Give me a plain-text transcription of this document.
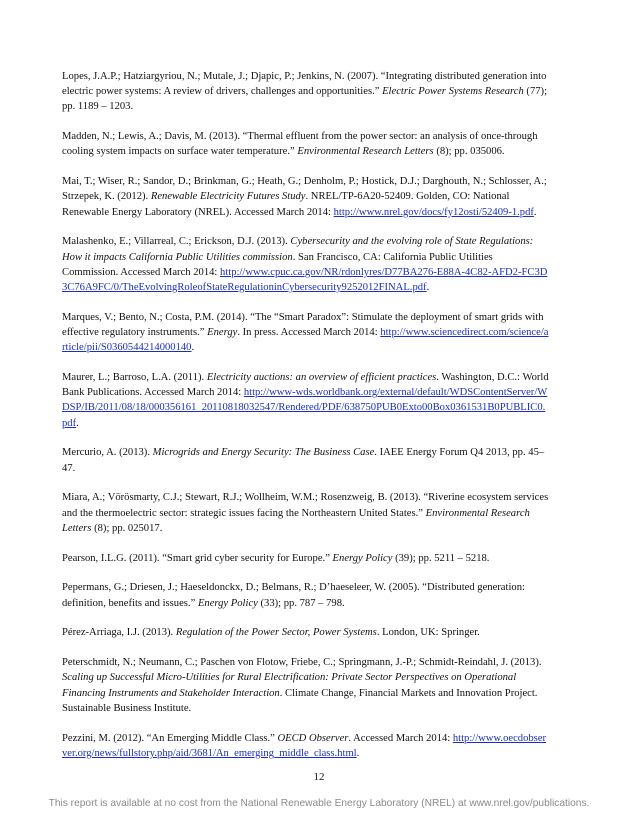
Lopes, J.A.P.; Hatziargyriou, N.; Mutale, J.; Djapic, P.; Jenkins, N. (2007). “Integrating distributed generation into electric power systems: A review of drivers, challenges and opportunities.” Electric Power Systems Research (77); pp. 1189 – 1203.

Madden, N.; Lewis, A.; Davis, M. (2013). “Thermal effluent from the power sector: an analysis of once-through cooling system impacts on surface water temperature.” Environmental Research Letters (8); pp. 035006.

Mai, T.; Wiser, R.; Sandor, D.; Brinkman, G.; Heath, G.; Denholm, P.; Hostick, D.J.; Darghouth, N.; Schlosser, A.; Strzepek, K. (2012). Renewable Electricity Futures Study. NREL/TP-6A20-52409. Golden, CO: National Renewable Energy Laboratory (NREL). Accessed March 2014: http://www.nrel.gov/docs/fy12osti/52409-1.pdf.

Malashenko, E.; Villarreal, C.; Erickson, D.J. (2013). Cybersecurity and the evolving role of State Regulations: How it impacts California Public Utilities commission. San Francisco, CA: California Public Utilities Commission. Accessed March 2014: http://www.cpuc.ca.gov/NR/rdonlyres/D77BA276-E88A-4C82-AFD2-FC3D3C76A9FC/0/TheEvolvingRoleofStateRegulationinCybersecurity9252012FINAL.pdf.

Marques, V.; Bento, N.; Costa, P.M. (2014). “The “Smart Paradox”: Stimulate the deployment of smart grids with effective regulatory instruments.” Energy. In press. Accessed March 2014: http://www.sciencedirect.com/science/article/pii/S0360544214000140.

Maurer, L.; Barroso, L.A. (2011). Electricity auctions: an overview of efficient practices. Washington, D.C.: World Bank Publications. Accessed March 2014: http://www-wds.worldbank.org/external/default/WDSContentServer/WDSP/IB/2011/08/18/000356161_20110818032547/Rendered/PDF/638750PUB0Exto00Box0361531B0PUBLIC0.pdf.

Mercurio, A. (2013). Microgrids and Energy Security: The Business Case. IAEE Energy Forum Q4 2013, pp. 45–47.

Miara, A.; Vörösmarty, C.J.; Stewart, R.J.; Wollheim, W.M.; Rosenzweig, B. (2013). “Riverine ecosystem services and the thermoelectric sector: strategic issues facing the Northeastern United States.” Environmental Research Letters (8); pp. 025017.

Pearson, I.L.G. (2011). “Smart grid cyber security for Europe.” Energy Policy (39); pp. 5211 – 5218.

Pepermans, G.; Driesen, J.; Haeseldonckx, D.; Belmans, R.; D’haeseleer, W. (2005). “Distributed generation: definition, benefits and issues.” Energy Policy (33); pp. 787 – 798.

Pérez-Arriaga, I.J. (2013). Regulation of the Power Sector, Power Systems. London, UK: Springer.

Peterschmidt, N.; Neumann, C.; Paschen von Flotow, Friebe, C.; Springmann, J.-P.; Schmidt-Reindahl, J. (2013). Scaling up Successful Micro-Utilities for Rural Electrification: Private Sector Perspectives on Operational Financing Instruments and Stakeholder Interaction. Climate Change, Financial Markets and Innovation Project. Sustainable Business Institute.

Pezzini, M. (2012). “An Emerging Middle Class.” OECD Observer. Accessed March 2014: http://www.oecdobserver.org/news/fullstory.php/aid/3681/An_emerging_middle_class.html.

12
This report is available at no cost from the National Renewable Energy Laboratory (NREL) at www.nrel.gov/publications.
